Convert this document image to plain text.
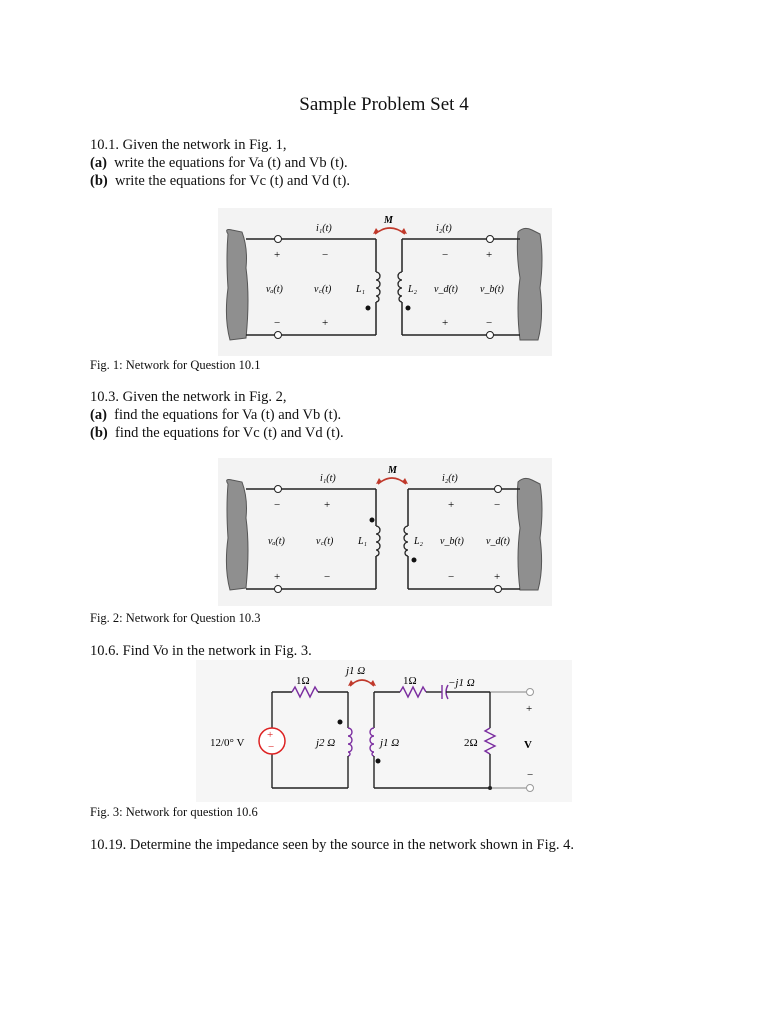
Sample Problem Set 4
10.1. Given the network in Fig. 1,
(a) write the equations for Va (t) and Vb (t).
(b) write the equations for Vc (t) and Vd (t).
M
i₁(t)	i₂(t)
+	−	−	+
vₐ(t)	v꜀(t) L₁	L₂ v_d(t) v_b(t)
−	+	+	−
Fig. 1: Network for Question 10.1
10.3. Given the network in Fig. 2,
(a) find the equations for Va (t) and Vb (t).
(b) find the equations for Vc (t) and Vd (t).
M
i₁(t)	i₂(t)
−	+	+	−
vₐ(t)	v꜀(t) L₁	L₂ v_b(t) v_d(t)
+	−	−	+
Fig. 2: Network for Question 10.3
10.6. Find Vo in the network in Fig. 3.
+
−
1Ω
j1 Ω
1Ω	−j1 Ω
12/0° V	j2 Ω	j1 Ω	2Ω
+
V
−
Fig. 3: Network for question 10.6
10.19. Determine the impedance seen by the source in the network shown in Fig. 4.
